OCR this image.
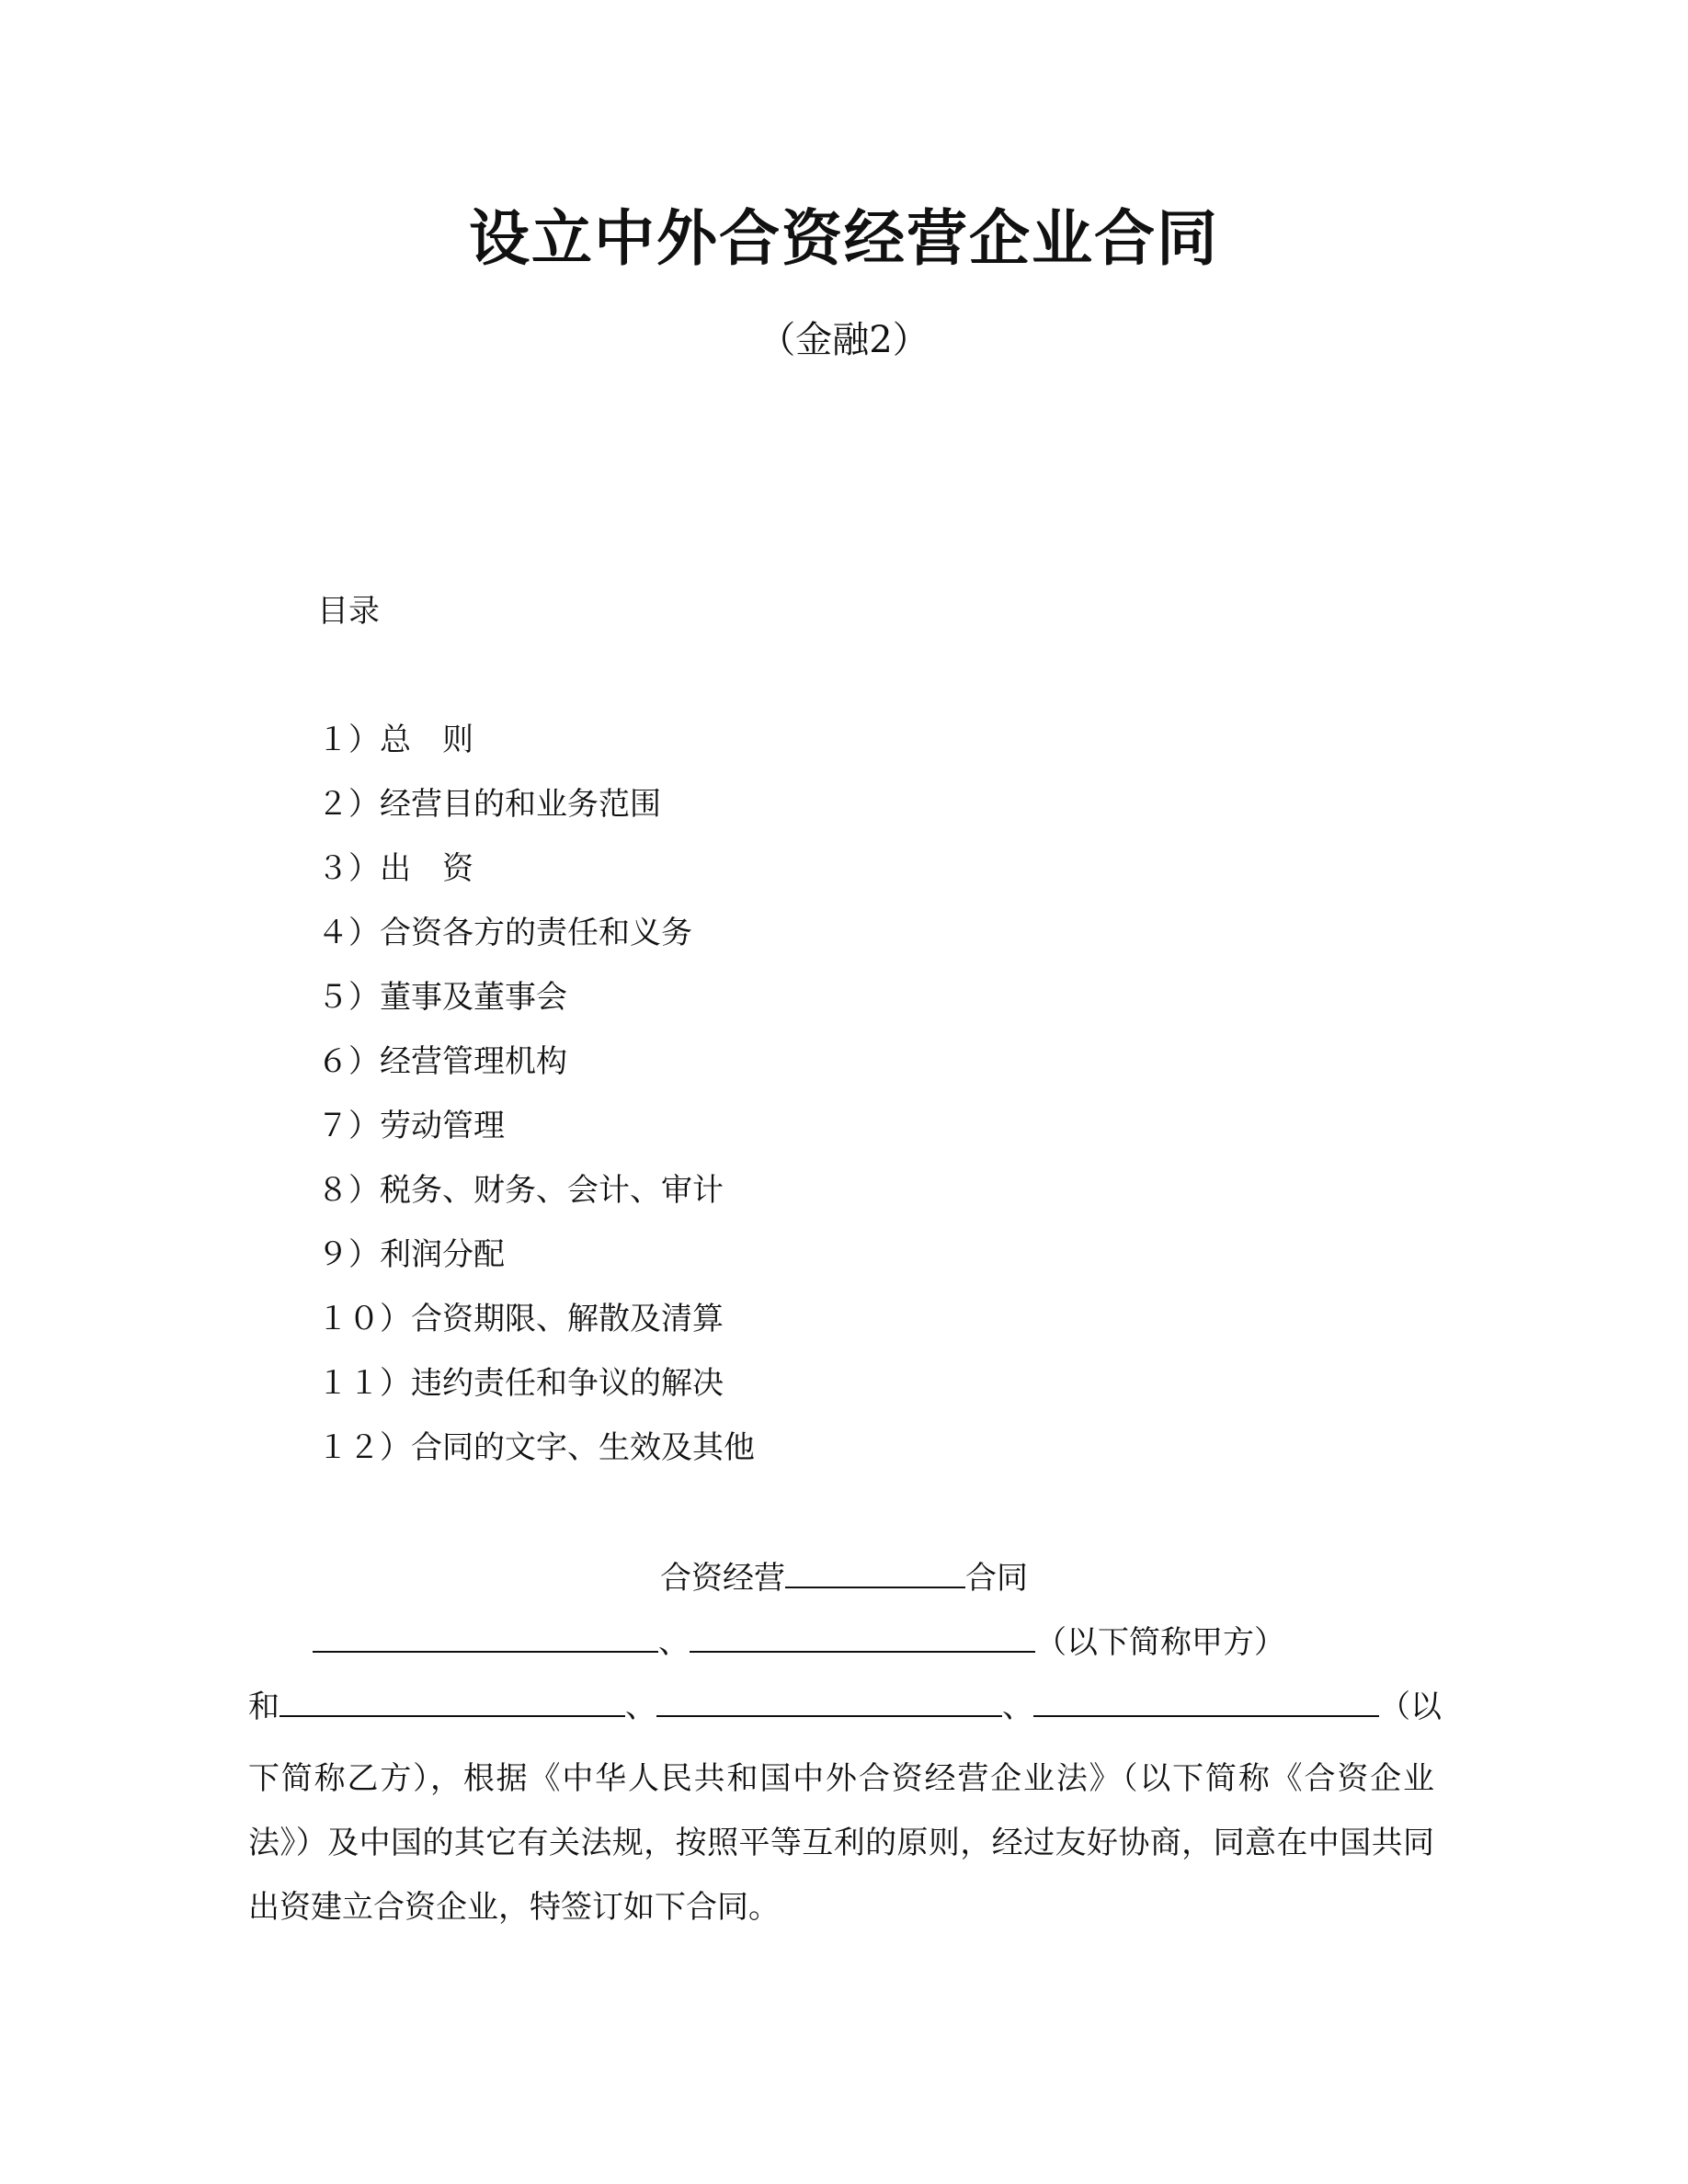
设立中外合资经营企业合同
（金融2）
目录
１）总　则
２）经营目的和业务范围
３）出　资
４）合资各方的责任和义务
５）董事及董事会
６）经营管理机构
７）劳动管理
８）税务、财务、会计、审计
９）利润分配
１０）合资期限、解散及清算
１１）违约责任和争议的解决
１２）合同的文字、生效及其他
合资经营	合同
、	（以下简称甲方）
和	、	、	（以

下简称乙方），根据《中华人民共和国中外合资经营企业法》（以下简称《合资企业法》）及中国的其它有关法规，按照平等互利的原则，经过友好协商，同意在中国共同出资建立合资企业，特签订如下合同。
